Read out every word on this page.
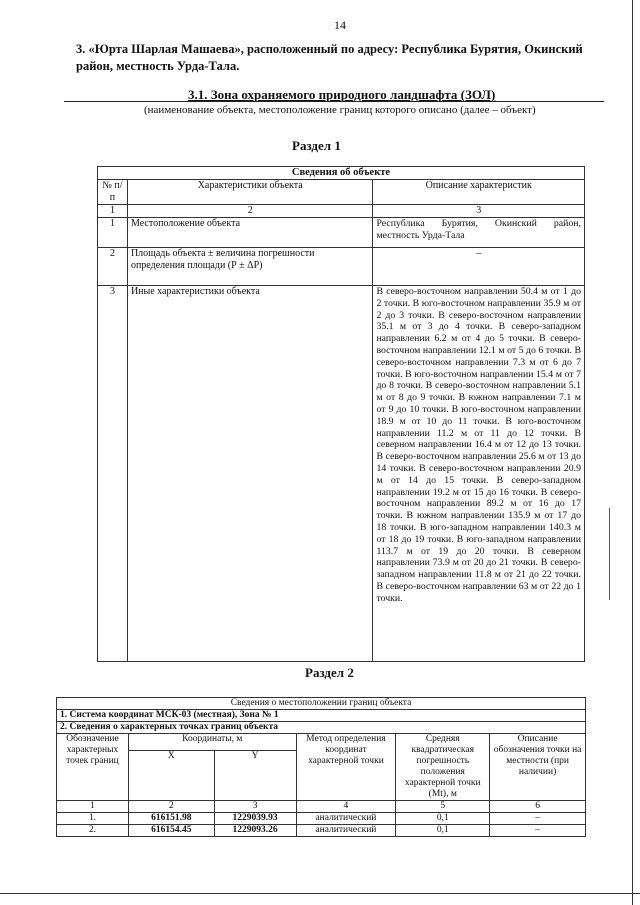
14
3. «Юрта Шарлая Машаева», расположенный по адресу: Республика Бурятия, Окинский район, местность Урда-Тала.
3.1. Зона охраняемого природного ландшафта (ЗОЛ)
(наименование объекта, местоположение границ которого описано (далее – объект)
Раздел 1
Сведения об объекте		
№ п/п	Характеристики объекта	Описание характеристик
1	2	3
1	Местоположение объекта	Республика Бурятия, Окинский район, местность Урда-Тала
2	Площадь объекта ± величина погрешности определения площади (Р ± ΔР)	–
3	Иные характеристики объекта	В северо-восточном направлении 50.4 м от 1 до 2 точки. В юго-восточном направлении 35.9 м от 2 до 3 точки. В северо-восточном направлении 35.1 м от 3 до 4 точки. В северо-западном направлении 6.2 м от 4 до 5 точки. В северо-восточном направлении 12.1 м от 5 до 6 точки. В северо-восточном направлении 7.3 м от 6 до 7 точки. В юго-восточном направлении 15.4 м от 7 до 8 точки. В северо-восточном направлении 5.1 м от 8 до 9 точки. В южном направлении 7.1 м от 9 до 10 точки. В юго-восточном направлении 18.9 м от 10 до 11 точки. В юго-восточном направлении 11.2 м от 11 до 12 точки. В северном направлении 16.4 м от 12 до 13 точки. В северо-восточном направлении 25.6 м от 13 до 14 точки. В северо-восточном направлении 20.9 м от 14 до 15 точки. В северо-западном направлении 19.2 м от 15 до 16 точки. В северо-восточном направлении 89.2 м от 16 до 17 точки. В южном направлении 135.9 м от 17 до 18 точки. В юго-западном направлении 140.3 м от 18 до 19 точки. В юго-западном направлении 113.7 м от 19 до 20 точки. В северном направлении 73.9 м от 20 до 21 точки. В северо-западном направлении 11.8 м от 21 до 22 точки. В северо-восточном направлении 63 м от 22 до 1 точки.
Раздел 2
Сведения о местоположении границ объекта					
1. Система координат МСК-03 (местная), Зона № 1					
2. Сведения о характерных точках границ объекта					
Обозначение характерных точек границ	Координаты, м		Метод определения координат характерной точки	Средняя квадратическая погрешность положения характерной точки (Mt), м	Описание обозначения точки на местности (при наличии)
	X	Y			
1	2	3	4	5	6
1.	616151.98	1229039.93	аналитический	0,1	–
2.	616154.45	1229093.26	аналитический	0,1	–
